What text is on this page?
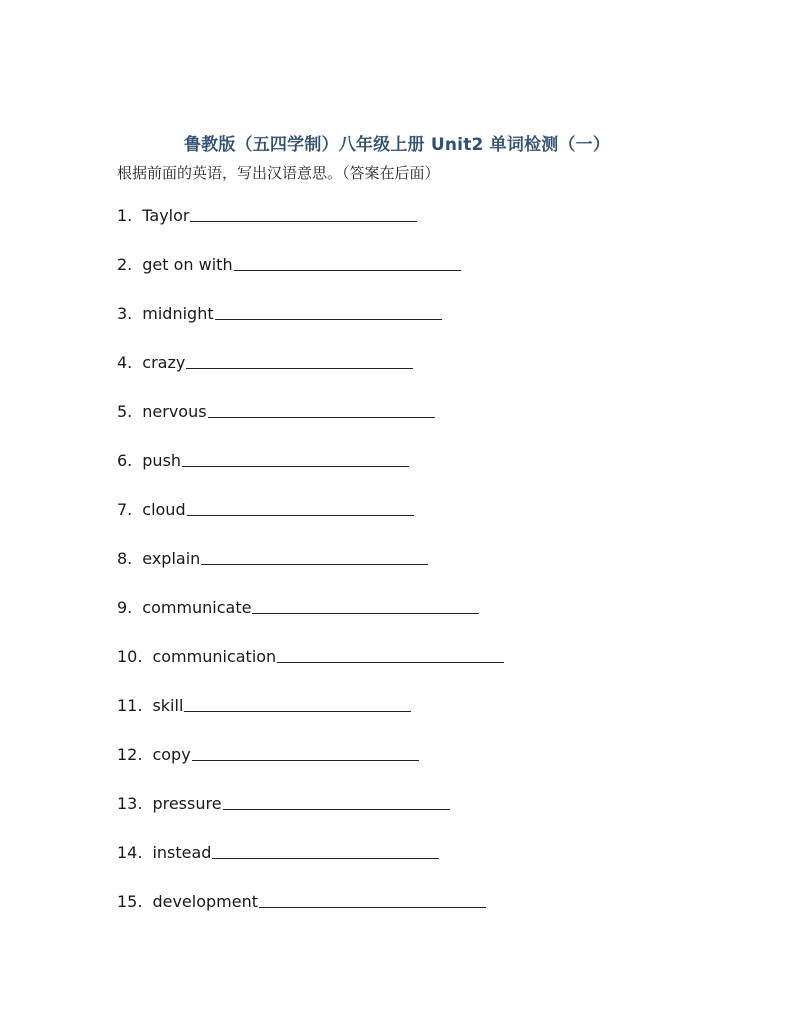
鲁教版（五四学制）八年级上册 Unit2 单词检测（一）
根据前面的英语，写出汉语意思。（答案在后面）
1. Taylor
2. get on with
3. midnight
4. crazy
5. nervous
6. push
7. cloud
8. explain
9. communicate
10. communication
11. skill
12. copy
13. pressure
14. instead
15. development
